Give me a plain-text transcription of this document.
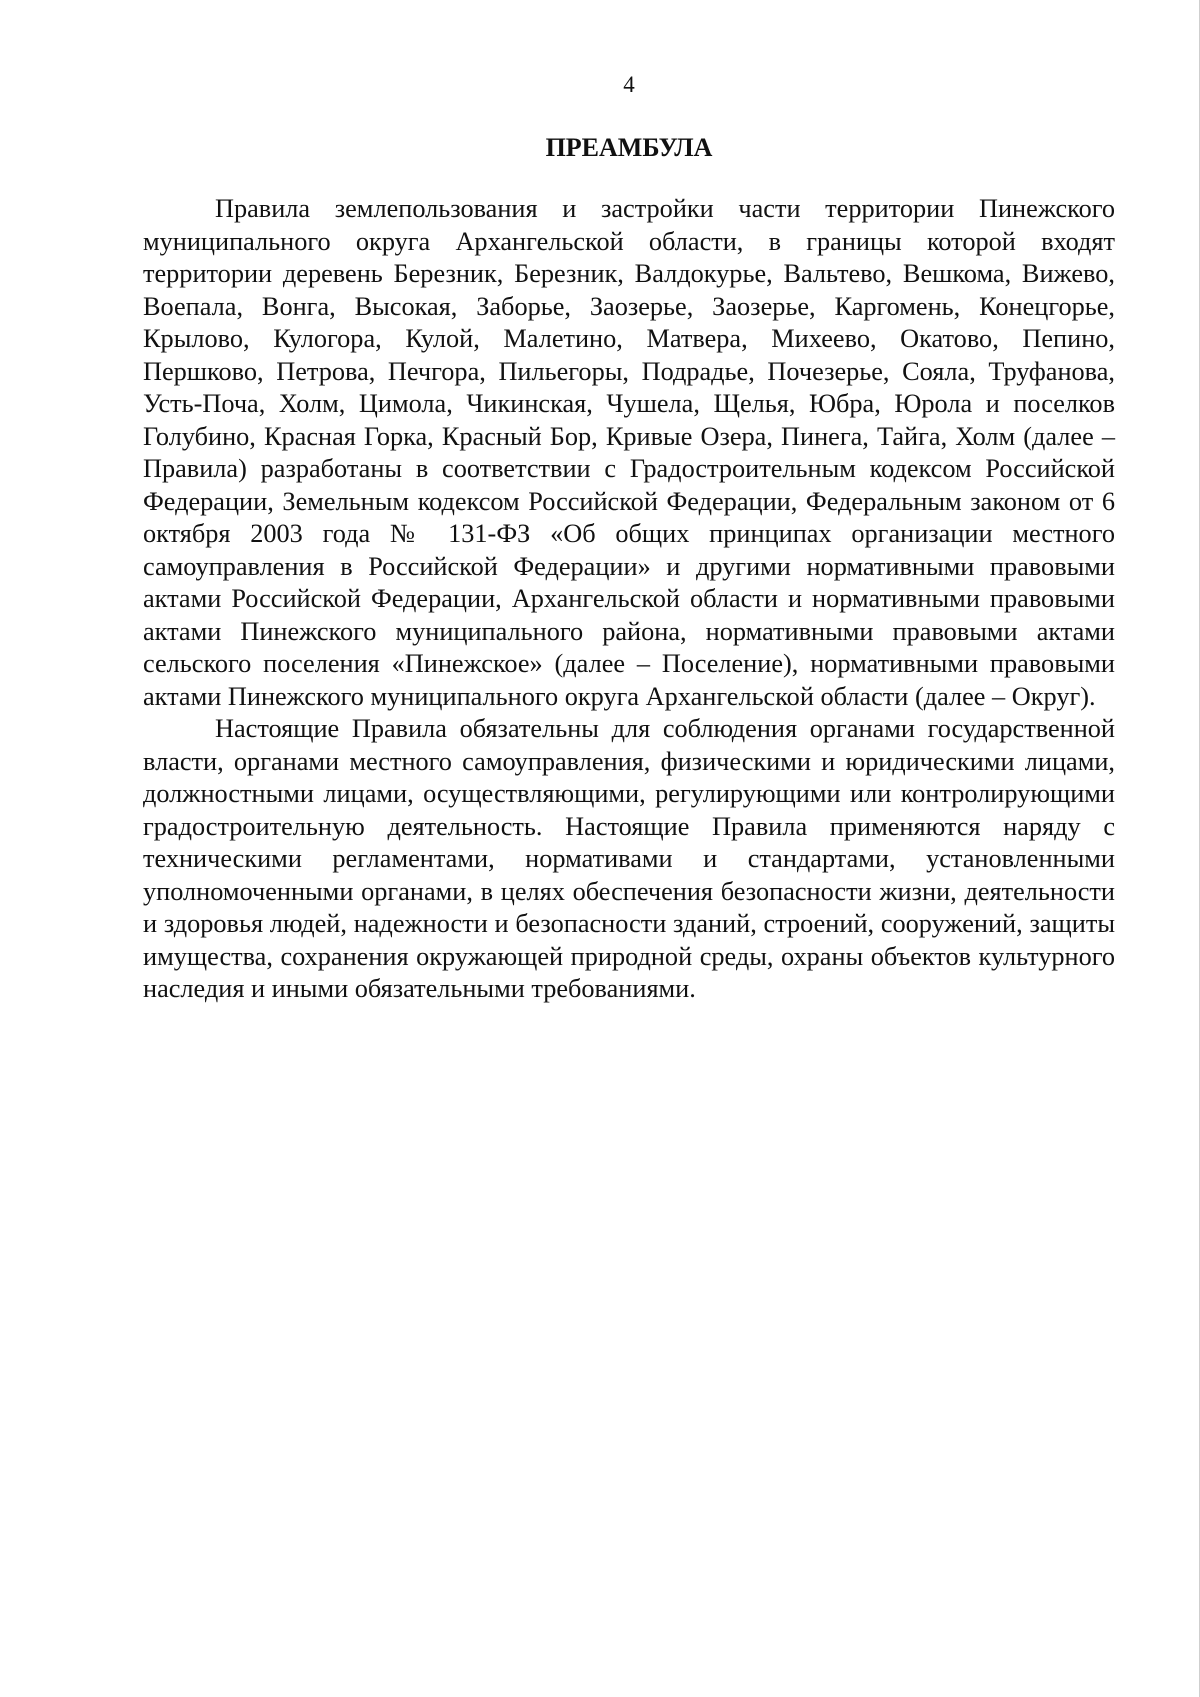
4
ПРЕАМБУЛА

Правила землепользования и застройки части территории Пинежского муниципального округа Архангельской области, в границы которой входят территории деревень Березник, Березник, Валдокурье, Вальтево, Вешкома, Вижево, Воепала, Вонга, Высокая, Заборье, Заозерье, Заозерье, Каргомень, Конецгорье, Крылово, Кулогора, Кулой, Малетино, Матвера, Михеево, Окатово, Пепино, Першково, Петрова, Печгора, Пильегоры, Подрадье, Почезерье, Сояла, Труфанова, Усть-Поча, Холм, Цимола, Чикинская, Чушела, Щелья, Юбра, Юрола и поселков Голубино, Красная Горка, Красный Бор, Кривые Озера, Пинега, Тайга, Холм (далее – Правила) разработаны в соответствии с Градостроительным кодексом Российской Федерации, Земельным кодексом Российской Федерации, Федеральным законом от 6 октября 2003 года № 131-ФЗ «Об общих принципах организации местного самоуправления в Российской Федерации» и другими нормативными правовыми актами Российской Федерации, Архангельской области и нормативными правовыми актами Пинежского муниципального района, нормативными правовыми актами сельского поселения «Пинежское» (далее – Поселение), нормативными правовыми актами Пинежского муниципального округа Архангельской области (далее – Округ).

Настоящие Правила обязательны для соблюдения органами государственной власти, органами местного самоуправления, физическими и юридическими лицами, должностными лицами, осуществляющими, регулирующими или контролирующими градостроительную деятельность. Настоящие Правила применяются наряду с техническими регламентами, нормативами и стандартами, установленными уполномоченными органами, в целях обеспечения безопасности жизни, деятельности и здоровья людей, надежности и безопасности зданий, строений, сооружений, защиты имущества, сохранения окружающей природной среды, охраны объектов культурного наследия и иными обязательными требованиями.
